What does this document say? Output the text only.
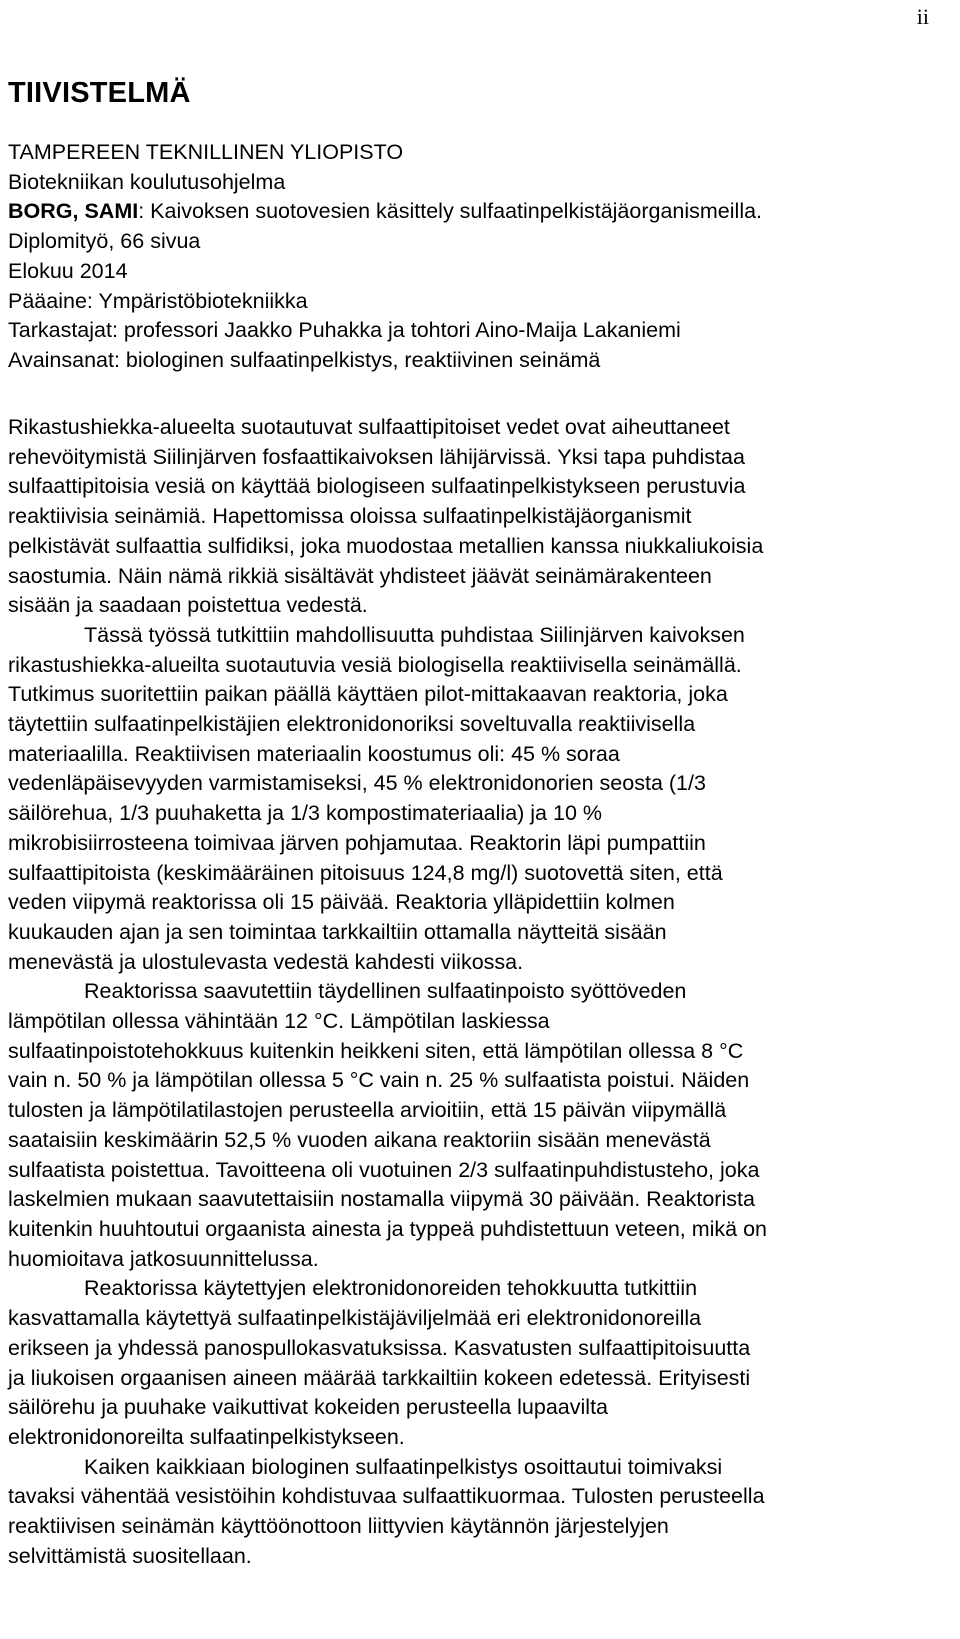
ii
TIIVISTELMÄ
TAMPEREEN TEKNILLINEN YLIOPISTO
Biotekniikan koulutusohjelma
BORG, SAMI: Kaivoksen suotovesien käsittely sulfaatinpelkistäjäorganismeilla.
Diplomityö, 66 sivua
Elokuu 2014
Pääaine: Ympäristöbiotekniikka
Tarkastajat: professori Jaakko Puhakka ja tohtori Aino-Maija Lakaniemi
Avainsanat: biologinen sulfaatinpelkistys, reaktiivinen seinämä
Rikastushiekka-alueelta suotautuvat sulfaattipitoiset vedet ovat aiheuttaneet
rehevöitymistä Siilinjärven fosfaattikaivoksen lähijärvissä. Yksi tapa puhdistaa
sulfaattipitoisia vesiä on käyttää biologiseen sulfaatinpelkistykseen perustuvia
reaktiivisia seinämiä. Hapettomissa oloissa sulfaatinpelkistäjäorganismit
pelkistävät sulfaattia sulfidiksi, joka muodostaa metallien kanssa niukkaliukoisia
saostumia. Näin nämä rikkiä sisältävät yhdisteet jäävät seinämärakenteen
sisään ja saadaan poistettua vedestä.
Tässä työssä tutkittiin mahdollisuutta puhdistaa Siilinjärven kaivoksen
rikastushiekka-alueilta suotautuvia vesiä biologisella reaktiivisella seinämällä.
Tutkimus suoritettiin paikan päällä käyttäen pilot-mittakaavan reaktoria, joka
täytettiin sulfaatinpelkistäjien elektronidonoriksi soveltuvalla reaktiivisella
materiaalilla. Reaktiivisen materiaalin koostumus oli: 45 % soraa
vedenläpäisevyyden varmistamiseksi, 45 % elektronidonorien seosta (1/3
säilörehua, 1/3 puuhaketta ja 1/3 kompostimateriaalia) ja 10 %
mikrobisiirrosteena toimivaa järven pohjamutaa. Reaktorin läpi pumpattiin
sulfaattipitoista (keskimääräinen pitoisuus 124,8 mg/l) suotovettä siten, että
veden viipymä reaktorissa oli 15 päivää. Reaktoria ylläpidettiin kolmen
kuukauden ajan ja sen toimintaa tarkkailtiin ottamalla näytteitä sisään
menevästä ja ulostulevasta vedestä kahdesti viikossa.
Reaktorissa saavutettiin täydellinen sulfaatinpoisto syöttöveden
lämpötilan ollessa vähintään 12 °C. Lämpötilan laskiessa
sulfaatinpoistotehokkuus kuitenkin heikkeni siten, että lämpötilan ollessa 8 °C
vain n. 50 % ja lämpötilan ollessa 5 °C vain n. 25 % sulfaatista poistui. Näiden
tulosten ja lämpötilatilastojen perusteella arvioitiin, että 15 päivän viipymällä
saataisiin keskimäärin 52,5 % vuoden aikana reaktoriin sisään menevästä
sulfaatista poistettua. Tavoitteena oli vuotuinen 2/3 sulfaatinpuhdistusteho, joka
laskelmien mukaan saavutettaisiin nostamalla viipymä 30 päivään. Reaktorista
kuitenkin huuhtoutui orgaanista ainesta ja typpeä puhdistettuun veteen, mikä on
huomioitava jatkosuunnittelussa.
Reaktorissa käytettyjen elektronidonoreiden tehokkuutta tutkittiin
kasvattamalla käytettyä sulfaatinpelkistäjäviljelmää eri elektronidonoreilla
erikseen ja yhdessä panospullokasvatuksissa. Kasvatusten sulfaattipitoisuutta
ja liukoisen orgaanisen aineen määrää tarkkailtiin kokeen edetessä. Erityisesti
säilörehu ja puuhake vaikuttivat kokeiden perusteella lupaavilta
elektronidonoreilta sulfaatinpelkistykseen.
Kaiken kaikkiaan biologinen sulfaatinpelkistys osoittautui toimivaksi
tavaksi vähentää vesistöihin kohdistuvaa sulfaattikuormaa. Tulosten perusteella
reaktiivisen seinämän käyttöönottoon liittyvien käytännön järjestelyjen
selvittämistä suositellaan.
